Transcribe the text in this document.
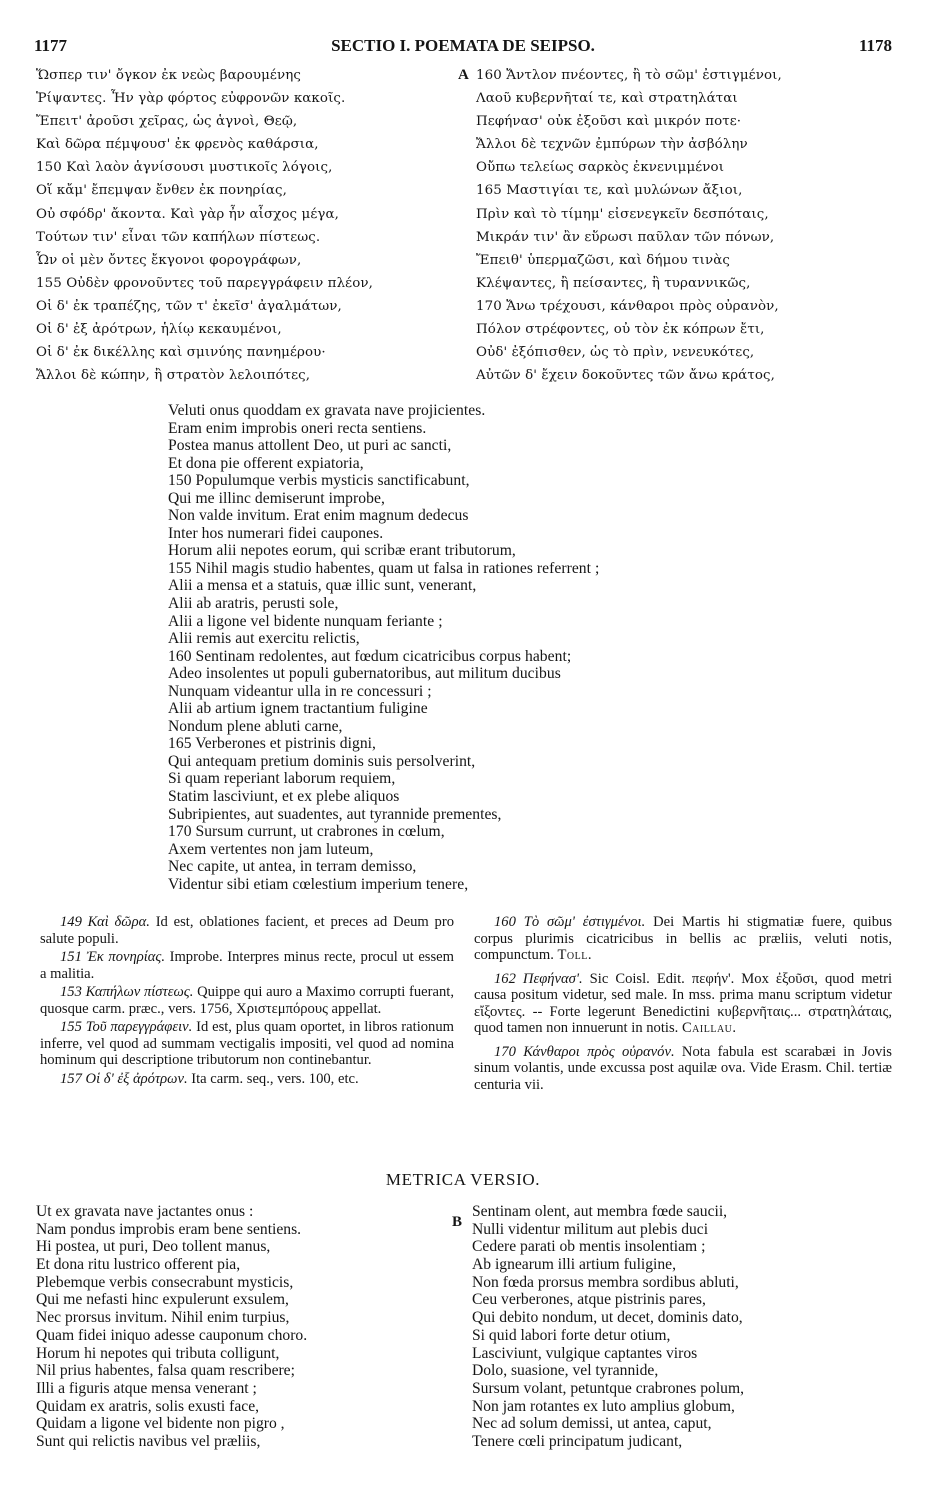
1177	SECTIO I. POEMATA DE SEIPSO.	1178
Ὥσπερ τιν' ὄγκον ἐκ νεὼς βαρουμένης
Ῥίψαντες. Ἦν γὰρ φόρτος εὐφρονῶν κακοῖς.
Ἔπειτ' ἀροῦσι χεῖρας, ὡς ἁγνοὶ, Θεῷ,
Καὶ δῶρα πέμψουσ' ἐκ φρενὸς καθάρσια,
150 Καὶ λαὸν ἁγνίσουσι μυστικοῖς λόγοις,
Οἵ κἄμ' ἔπεμψαν ἔνθεν ἐκ πονηρίας,
Οὐ σφόδρ' ἄκοντα. Καὶ γὰρ ἦν αἶσχος μέγα,
Τούτων τιν' εἶναι τῶν καπήλων πίστεως.
Ὧν οἱ μὲν ὄντες ἔκγονοι φορογράφων,
155 Οὐδὲν φρονοῦντες τοῦ παρεγγράφειν πλέον,
Οἱ δ' ἐκ τραπέζης, τῶν τ' ἐκεῖσ' ἀγαλμάτων,
Οἱ δ' ἐξ ἀρότρων, ἡλίῳ κεκαυμένοι,
Οἱ δ' ἐκ δικέλλης καὶ σμινύης πανημέρου·
Ἄλλοι δὲ κώπην, ἢ στρατὸν λελοιπότες,
A 160 Ἄντλον πνέοντες, ἢ τὸ σῶμ' ἐστιγμένοι,
Λαοῦ κυβερνῆταί τε, καὶ στρατηλάται
Πεφήνασ' οὐκ ἐξοῦσι καὶ μικρόν ποτε·
Ἄλλοι δὲ τεχνῶν ἐμπύρων τὴν ἀσβόλην
Οὔπω τελείως σαρκὸς ἐκνενιμμένοι
165 Μαστιγίαι τε, καὶ μυλώνων ἄξιοι,
Πρὶν καὶ τὸ τίμημ' εἰσενεγκεῖν δεσπόταις,
Μικράν τιν' ἂν εὕρωσι παῦλαν τῶν πόνων,
Ἔπειθ' ὑπερμαζῶσι, καὶ δήμου τινὰς
Κλέψαντες, ἢ πείσαντες, ἢ τυραννικῶς,
170 Ἄνω τρέχουσι, κάνθαροι πρὸς οὐρανὸν,
Πόλον στρέφοντες, οὐ τὸν ἐκ κόπρων ἔτι,
Οὐδ' ἐξόπισθεν, ὡς τὸ πρὶν, νενευκότες,
Αὐτῶν δ' ἔχειν δοκοῦντες τῶν ἄνω κράτος,
Veluti onus quoddam ex gravata nave projicientes.
Eram enim improbis oneri recta sentiens.
Postea manus attollent Deo, ut puri ac sancti,
Et dona pie offerent expiatoria,
150 Populumque verbis mysticis sanctificabunt,
Qui me illinc demiserunt improbe,
Non valde invitum. Erat enim magnum dedecus
Inter hos numerari fidei caupones.
Horum alii nepotes eorum, qui scribæ erant tributorum,
155 Nihil magis studio habentes, quam ut falsa in rationes referrent ;
Alii a mensa et a statuis, quæ illic sunt, venerant,
Alii ab aratris, perusti sole,
Alii a ligone vel bidente nunquam feriante ;
Alii remis aut exercitu relictis,
160 Sentinam redolentes, aut fœdum cicatricibus corpus habent;
Adeo insolentes ut populi gubernatoribus, aut militum ducibus
Nunquam videantur ulla in re concessuri ;
Alii ab artium ignem tractantium fuligine
Nondum plene abluti carne,
165 Verberones et pistrinis digni,
Qui antequam pretium dominis suis persolverint,
Si quam reperiant laborum requiem,
Statim lasciviunt, et ex plebe aliquos
Subripientes, aut suadentes, aut tyrannide prementes,
170 Sursum currunt, ut crabrones in cœlum,
Axem vertentes non jam luteum,
Nec capite, ut antea, in terram demisso,
Videntur sibi etiam cœlestium imperium tenere,

149 Καὶ δῶρα. Id est, oblationes facient, et preces ad Deum pro salute populi.

151 Ἐκ πονηρίας. Improbe. Interpres minus recte, procul ut essem a malitia.

153 Καπήλων πίστεως. Quippe qui auro a Maximo corrupti fuerant, quosque carm. præc., vers. 1756, Χριστεμπόρους appellat.

155 Τοῦ παρεγγράφειν. Id est, plus quam oportet, in libros rationum inferre, vel quod ad summam vectigalis impositi, vel quod ad nomina hominum qui descriptione tributorum non continebantur.

157 Οἱ δ' ἐξ ἀρότρων. Ita carm. seq., vers. 100, etc.

160 Τὸ σῶμ' ἐστιγμένοι. Dei Martis hi stigmatiæ fuere, quibus corpus plurimis cicatricibus in bellis ac præliis, veluti notis, compunctum. Toll.

162 Πεφήνασ'. Sic Coisl. Edit. πεφήν'. Mox ἐξοῦσι, quod metri causa positum videtur, sed male. In mss. prima manu scriptum videtur εἴξοντες. -- Forte legerunt Benedictini κυβερνῆταις... στρατηλάταις, quod tamen non innuerunt in notis. Caillau.

170 Κάνθαροι πρὸς οὐρανόν. Nota fabula est scarabæi in Jovis sinum volantis, unde excussa post aquilæ ova. Vide Erasm. Chil. tertiæ centuria vii.

METRICA VERSIO.
Ut ex gravata nave jactantes onus :
Nam pondus improbis eram bene sentiens.
Hi postea, ut puri, Deo tollent manus,
Et dona ritu lustrico offerent pia,
Plebemque verbis consecrabunt mysticis,
Qui me nefasti hinc expulerunt exsulem,
Nec prorsus invitum. Nihil enim turpius,
Quam fidei iniquo adesse cauponum choro.
Horum hi nepotes qui tributa colligunt,
Nil prius habentes, falsa quam rescribere;
Illi a figuris atque mensa venerant ;
Quidam ex aratris, solis exusti face,
Quidam a ligone vel bidente non pigro ,
Sunt qui relictis navibus vel præliis,
B
Sentinam olent, aut membra fœde saucii,
Nulli videntur militum aut plebis duci
Cedere parati ob mentis insolentiam ;
Ab ignearum illi artium fuligine,
Non fœda prorsus membra sordibus abluti,
Ceu verberones, atque pistrinis pares,
Qui debito nondum, ut decet, dominis dato,
Si quid labori forte detur otium,
Lasciviunt, vulgique captantes viros
Dolo, suasione, vel tyrannide,
Sursum volant, petuntque crabrones polum,
Non jam rotantes ex luto amplius globum,
Nec ad solum demissi, ut antea, caput,
Tenere cœli principatum judicant,
